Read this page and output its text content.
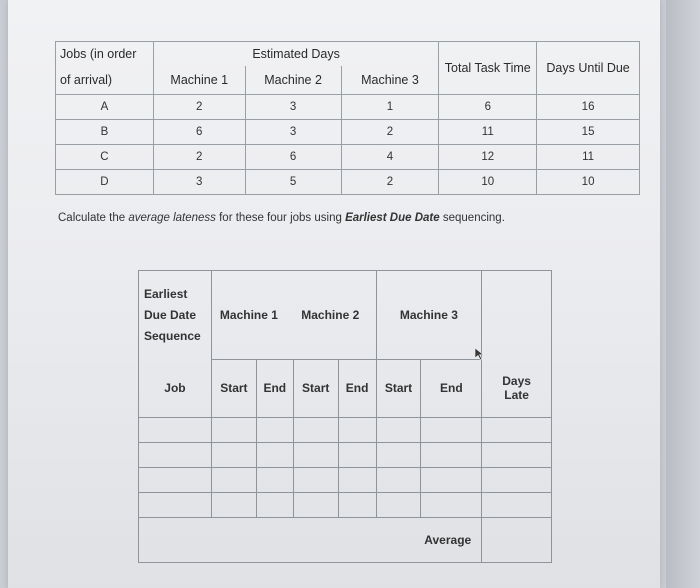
Jobs (in order	Estimated Days			Total Task Time	Days Until Due
of arrival)	Machine 1	Machine 2	Machine 3		
A	2	3	1	6	16
B	6	3	2	11	15
C	2	6	4	12	11
D	3	5	2	10	10
Calculate the average lateness for these four jobs using Earliest Due Date sequencing.
Earliest
Due Date
Sequence	Machine 1		Machine 2		Machine 3		
Job	Start	End	Start	End	Start	End	Days
Late

Average							
